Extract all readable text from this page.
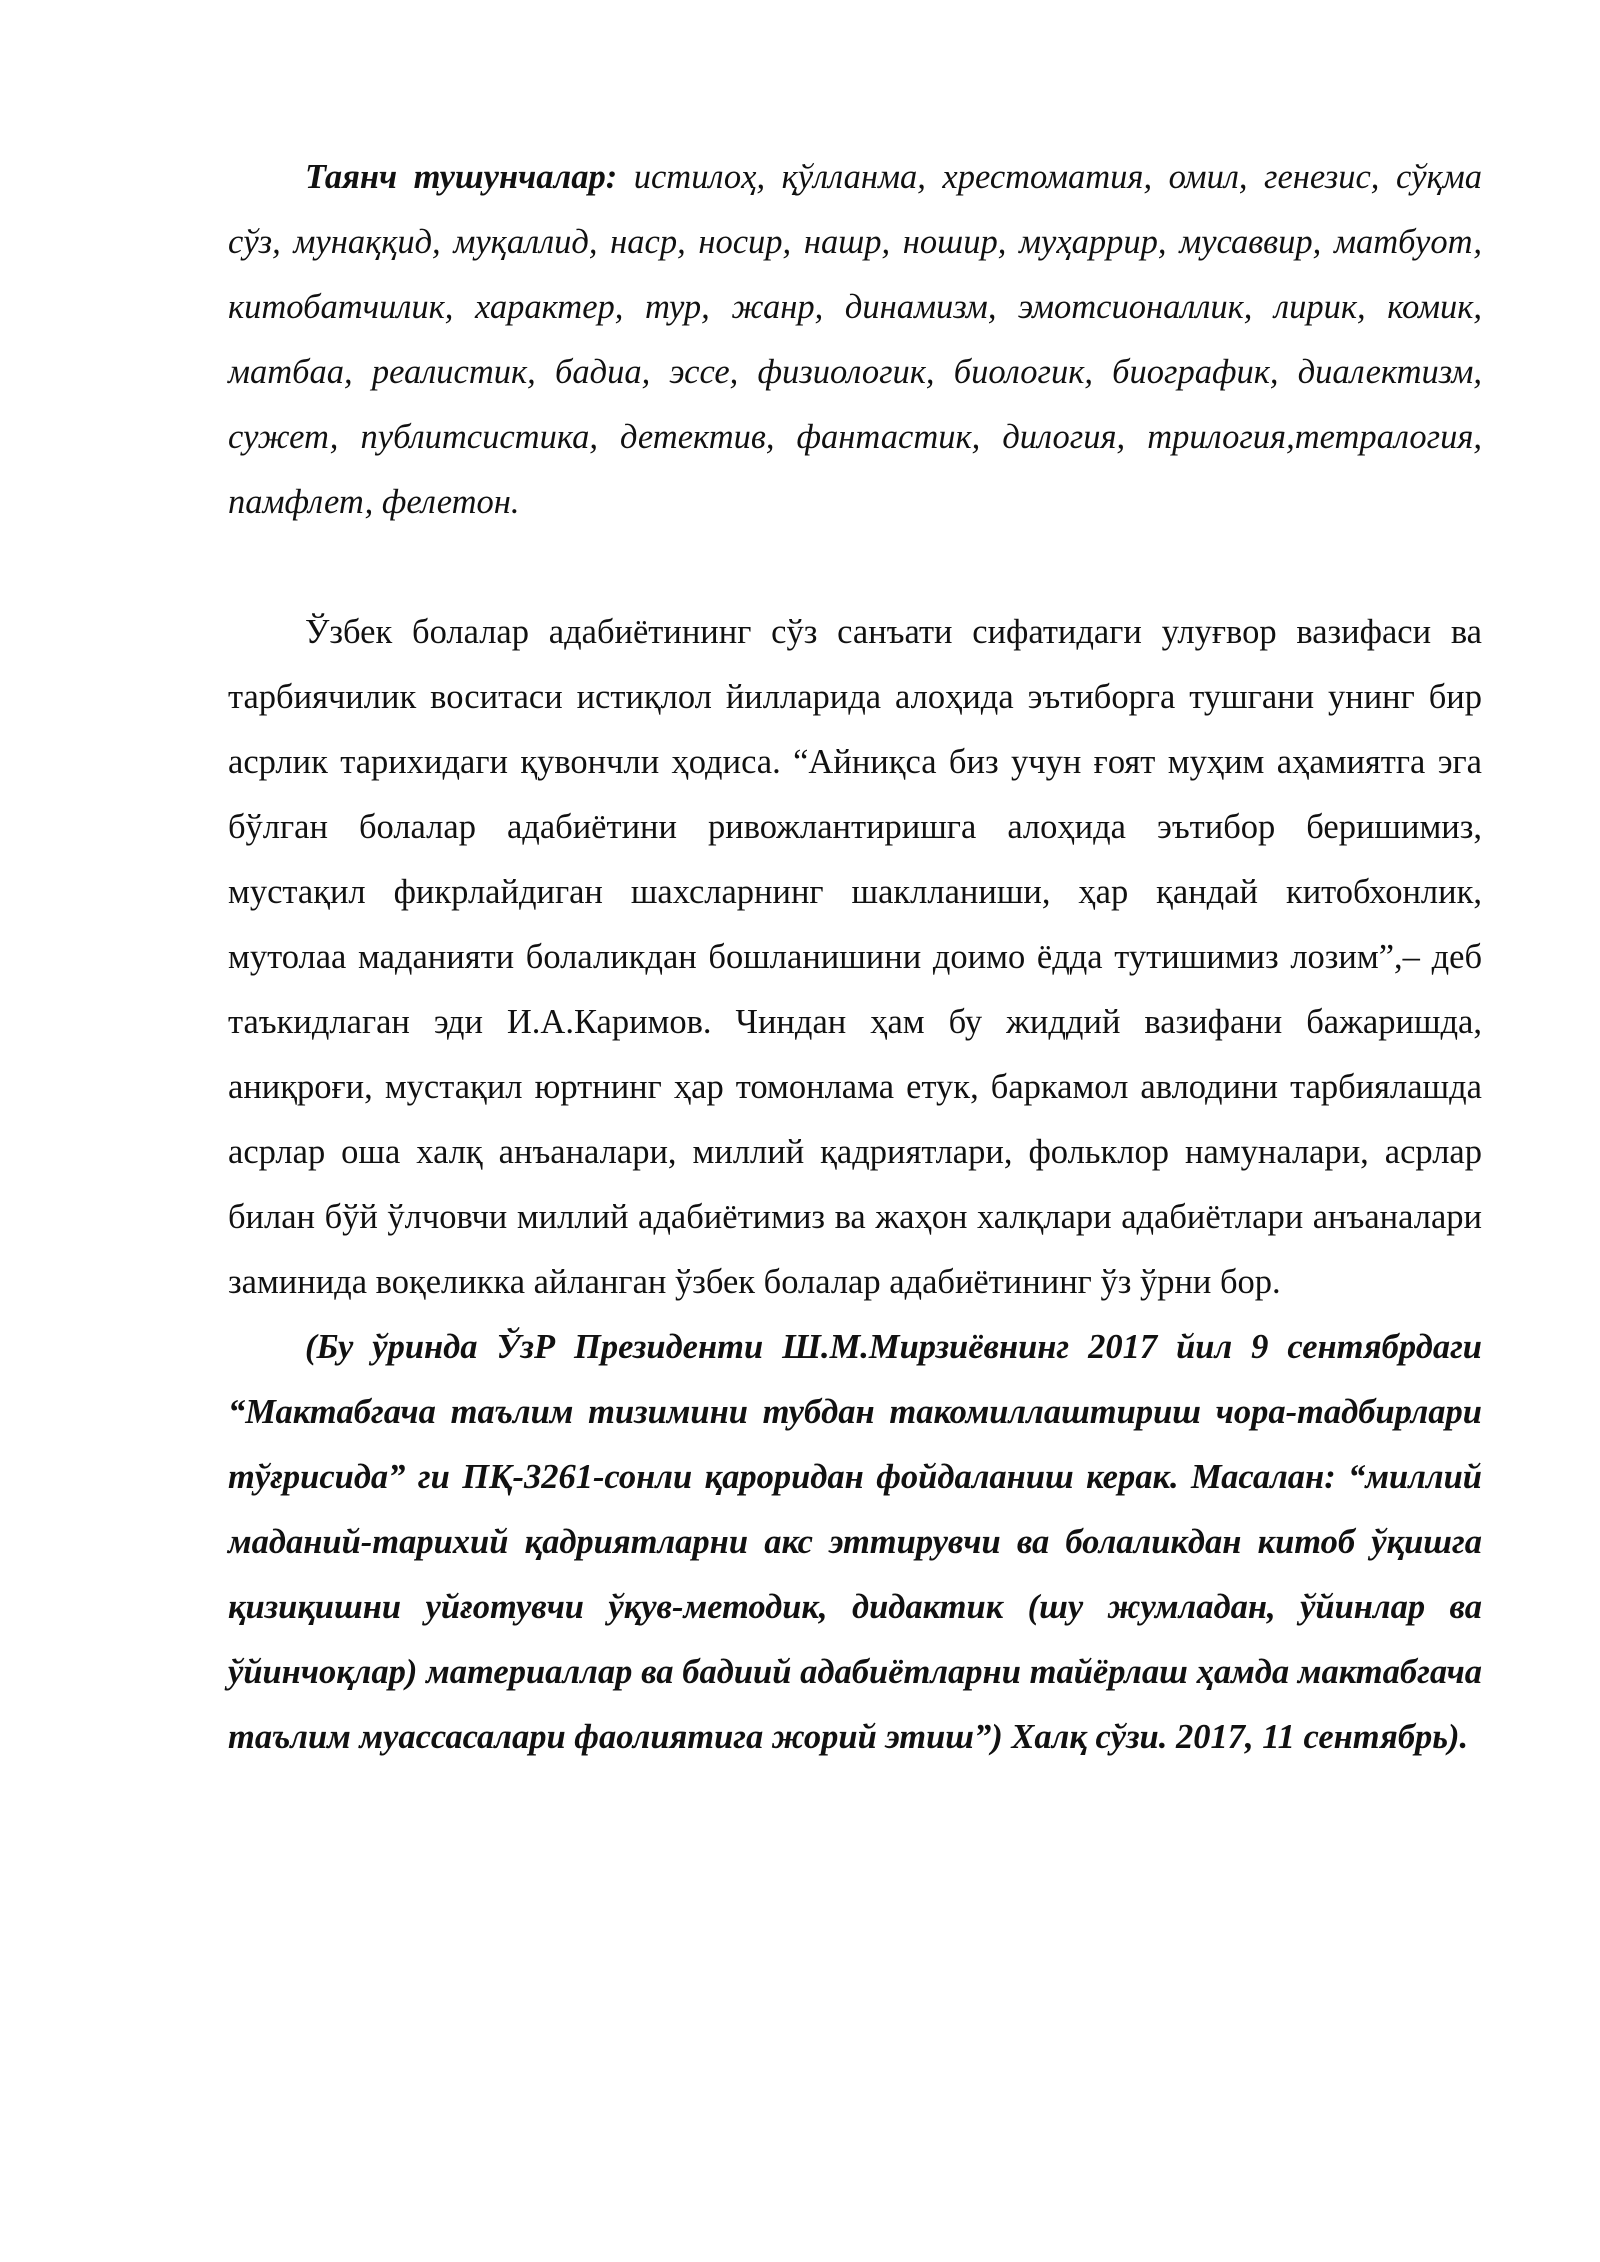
Таянч тушунчалар: истилоҳ, қўлланма, хрестоматия, омил, генезис, сўқма сўз, мунаққид, муқаллид, наср, носир, нашр, ношир, муҳаррир, мусаввир, матбуот, китобатчилик, характер, тур, жанр, динамизм, эмотсионаллик, лирик, комик, матбаа, реалистик, бадиа, эссе, физиологик, биологик, биографик, диалектизм, сужет, публитсистика, детектив, фантастик, дилогия, трилогия,тетралогия, памфлет, фелетон.

Ўзбек болалар адабиётининг сўз санъати сифатидаги улуғвор вазифаси ва тарбиячилик воситаси истиқлол йилларида алоҳида эътиборга тушгани унинг бир асрлик тарихидаги қувончли ҳодиса. “Айниқса биз учун ғоят муҳим аҳамиятга эга бўлган болалар адабиётини ривожлантиришга алоҳида эътибор беришимиз, мустақил фикрлайдиган шахсларнинг шаклланиши, ҳар қандай китобхонлик, мутолаа маданияти болаликдан бошланишини доимо ёдда тутишимиз лозим”,– деб таъкидлаган эди И.А.Каримов. Чиндан ҳам бу жиддий вазифани бажаришда, аниқроғи, мустақил юртнинг ҳар томонлама етук, баркамол авлодини тарбиялашда асрлар оша халқ анъаналари, миллий қадриятлари, фольклор намуналари, асрлар билан бўй ўлчовчи миллий адабиётимиз ва жаҳон халқлари адабиётлари анъаналари заминида воқеликка айланган ўзбек болалар адабиётининг ўз ўрни бор.

(Бу ўринда ЎзР Президенти Ш.М.Мирзиёвнинг 2017 йил 9 сентябрдаги “Мактабгача таълим тизимини тубдан такомиллаштириш чора-тадбирлари тўғрисида” ги ПҚ-3261-сонли қароридан фойдаланиш керак. Масалан: “миллий маданий-тарихий қадриятларни акс эттирувчи ва болаликдан китоб ўқишга қизиқишни уйғотувчи ўқув-методик, дидактик (шу жумладан, ўйинлар ва ўйинчоқлар) материаллар ва бадиий адабиётларни тайёрлаш ҳамда мактабгача таълим муассасалари фаолиятига жорий этиш”) Халқ сўзи. 2017, 11 сентябрь).
